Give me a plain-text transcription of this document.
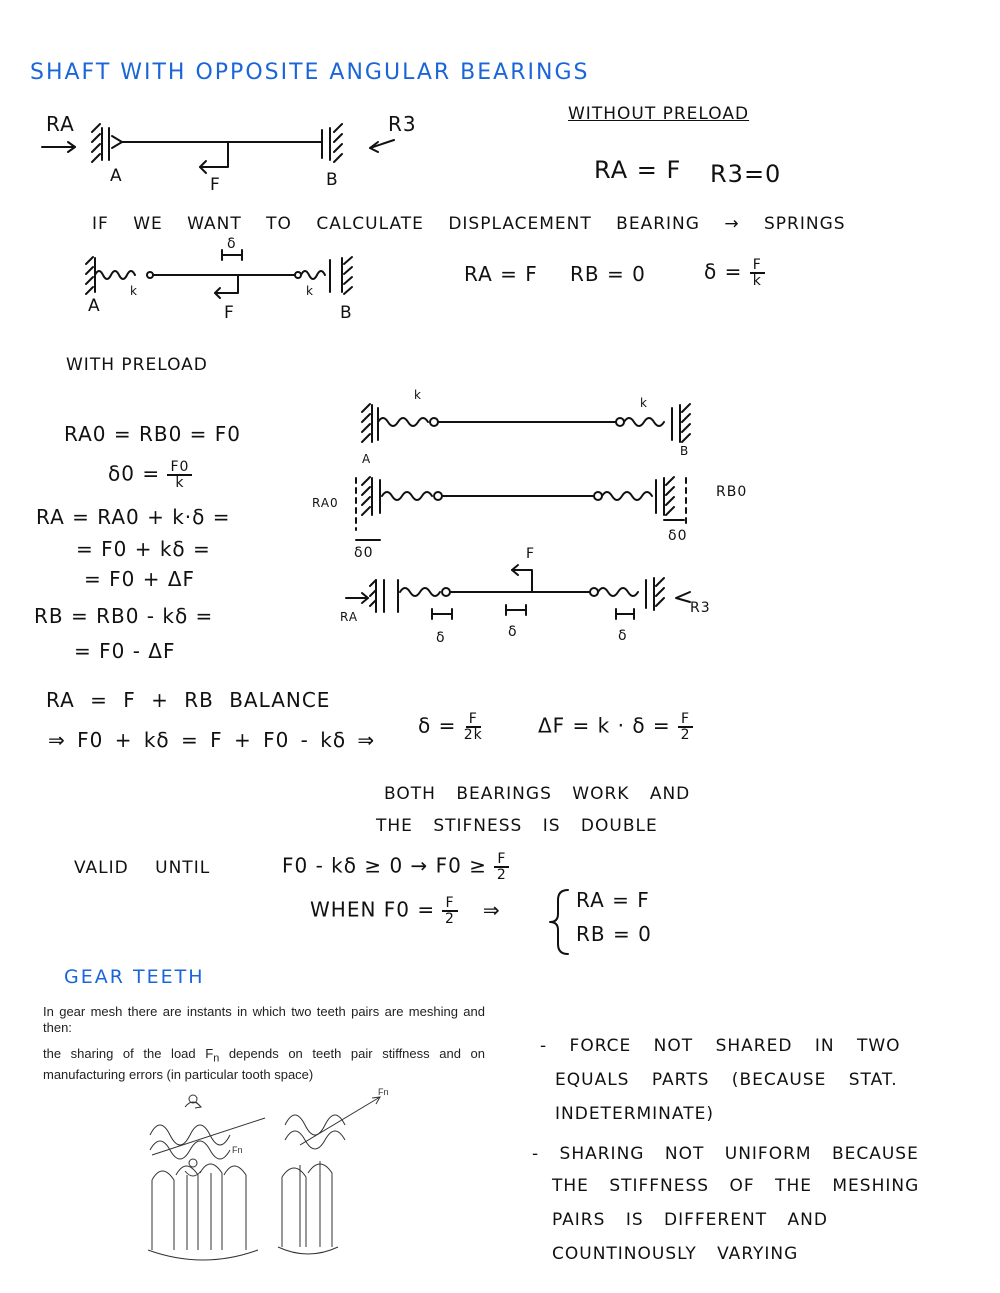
SHAFT WITH OPPOSITE ANGULAR BEARINGS
RA	R3
A	F	B
WITHOUT PRELOAD
RA = F R3=0
IF WE WANT TO CALCULATE DISPLACEMENT BEARING → SPRINGS
δ
k	k
A	F	B
RA = F RB = 0	$\delta = \frac{F}{k}$
WITH PRELOAD
RA0 = RB0 = F0
$\delta 0 = \frac{F0}{k}$
RA = RA0 + k·δ =
= F0 + kδ =
= F0 + ΔF
RB = RB0 - kδ =
= F0 - ΔF
k
k
A
B
RA0
RB0
δ0
δ0
F
RA
R3
δ	δ	δ
RA = F + RB BALANCE
⇒ F0 + kδ = F + F0 - kδ ⇒
$\delta = \frac{F}{2k}$	$\Delta F = k \cdot \delta = \frac{F}{2}$
BOTH BEARINGS WORK AND
THE STIFNESS IS DOUBLE
VALID UNTIL	$F0 - k\delta \ge 0 \to F0 \ge \frac{F}{2}$
WHEN $F0 = \frac{F}{2}$ ⇒	RA = F
RB = 0
GEAR TEETH
In gear mesh there are instants in which two teeth pairs are meshing and then:
the sharing of the load $F_n$ depends on teeth pair stiffness and on manufacturing errors (in particular tooth space)
Fn
Fn
- FORCE NOT SHARED IN TWO
EQUALS PARTS (BECAUSE STAT.
INDETERMINATE)
- SHARING NOT UNIFORM BECAUSE
THE STIFFNESS OF THE MESHING
PAIRS IS DIFFERENT AND
COUNTINOUSLY VARYING
